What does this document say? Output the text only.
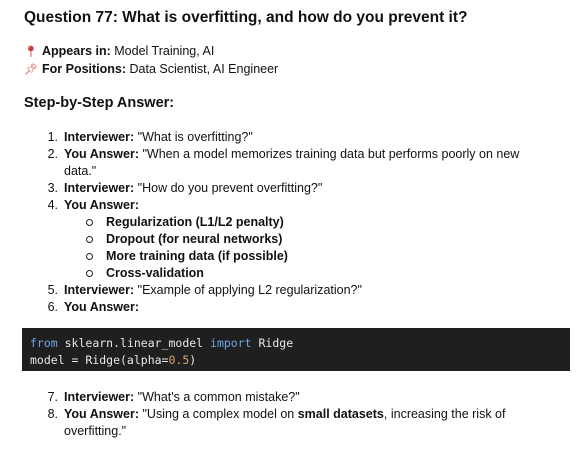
Question 77: What is overfitting, and how do you prevent it?
📍︎ Appears in: Model Training, AI
📌︎ For Positions: Data Scientist, AI Engineer
Step-by-Step Answer:
1. Interviewer: "What is overfitting?"
2. You Answer: "When a model memorizes training data but performs poorly on new
data."
3. Interviewer: "How do you prevent overfitting?"
4. You Answer:
Regularization (L1/L2 penalty)
Dropout (for neural networks)
More training data (if possible)
Cross-validation
5. Interviewer: "Example of applying L2 regularization?"
6. You Answer:
from sklearn.linear_model import Ridge
model = Ridge(alpha=0.5)
7. Interviewer: "What's a common mistake?"
8. You Answer: "Using a complex model on small datasets, increasing the risk of
overfitting."
